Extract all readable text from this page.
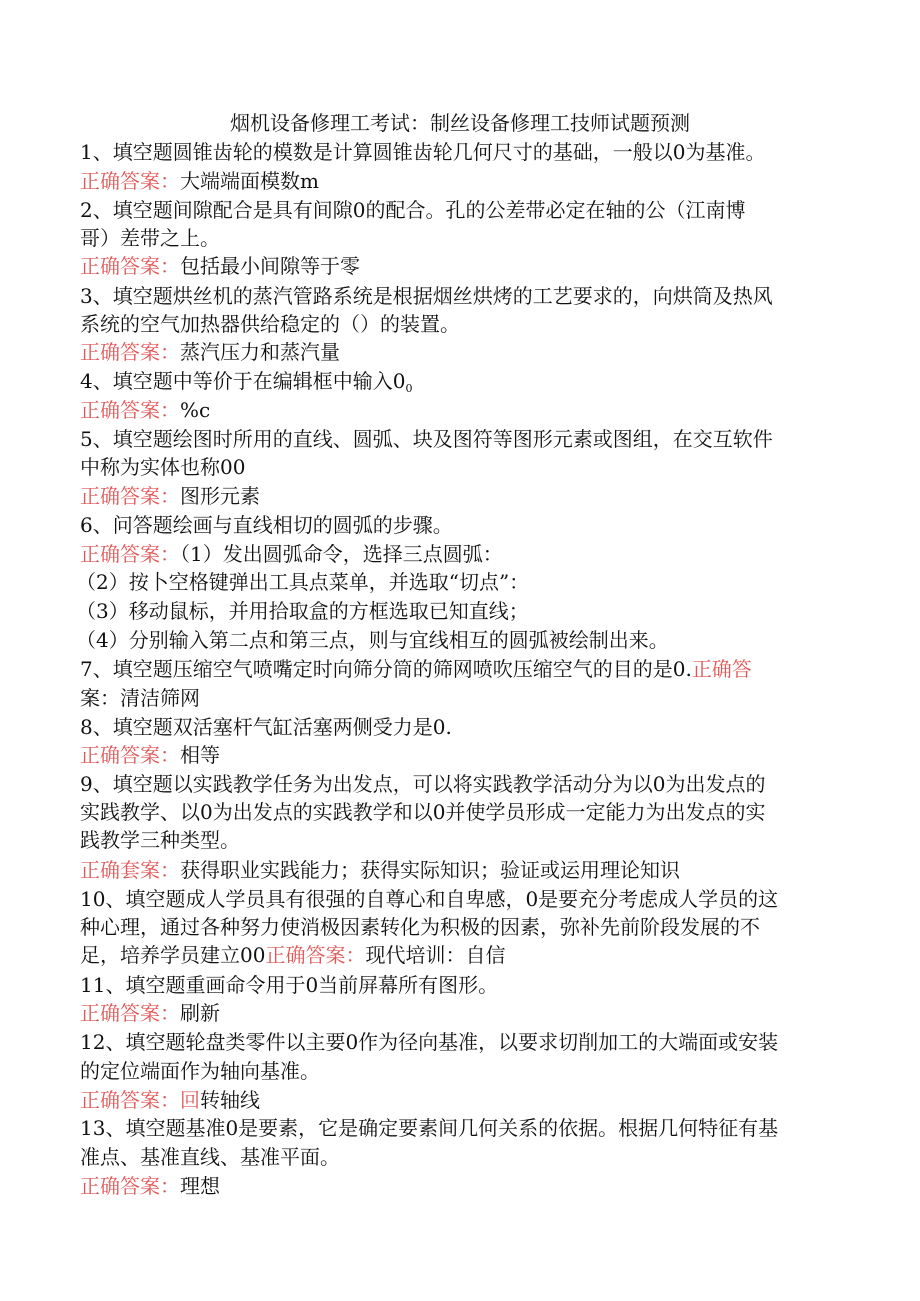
烟机设备修理工考试：制丝设备修理工技师试题预测
1、填空题圆锥齿轮的模数是计算圆锥齿轮几何尺寸的基础，一般以0为基准。
正确答案：大端端面模数m
2、填空题间隙配合是具有间隙0的配合。孔的公差带必定在轴的公（江南博
哥）差带之上。
正确答案：包括最小间隙等于零
3、填空题烘丝机的蒸汽管路系统是根据烟丝烘烤的工艺要求的，向烘筒及热风
系统的空气加热器供给稳定的（）的装置。
正确答案：蒸汽压力和蒸汽量
4、填空题中等价于在编辑框中输入$0_0$
正确答案：%c
5、填空题绘图时所用的直线、圆弧、块及图符等图形元素或图组，在交互软件
中称为实体也称00
正确答案：图形元素
6、问答题绘画与直线相切的圆弧的步骤。
正确答案：（1）发出圆弧命令，选择三点圆弧：
（2）按卜空格键弹出工具点菜单，并选取“切点”：
（3）移动鼠标，并用拾取盒的方框选取已知直线；
（4）分别输入第二点和第三点，则与宜线相互的圆弧被绘制出来。
7、填空题压缩空气喷嘴定时向筛分筒的筛网喷吹压缩空气的目的是0.正确答
案：清洁筛网
8、填空题双活塞杆气缸活塞两侧受力是0.
正确答案：相等
9、填空题以实践教学任务为出发点，可以将实践教学活动分为以0为出发点的
实践教学、以0为出发点的实践教学和以0并使学员形成一定能力为出发点的实
践教学三种类型。
正确套案：获得职业实践能力；获得实际知识；验证或运用理论知识
10、填空题成人学员具有很强的自尊心和自卑感，0是要充分考虑成人学员的这
种心理，通过各种努力使消极因素转化为积极的因素，弥补先前阶段发展的不
足，培养学员建立00正确答案：现代培训：自信
11、填空题重画命令用于0当前屏幕所有图形。
正确答案：刷新
12、填空题轮盘类零件以主要0作为径向基准，以要求切削加工的大端面或安装
的定位端面作为轴向基准。
正确答案：回转轴线
13、填空题基准0是要素，它是确定要素间几何关系的依据。根据几何特征有基
准点、基准直线、基准平面。
正确答案：理想
